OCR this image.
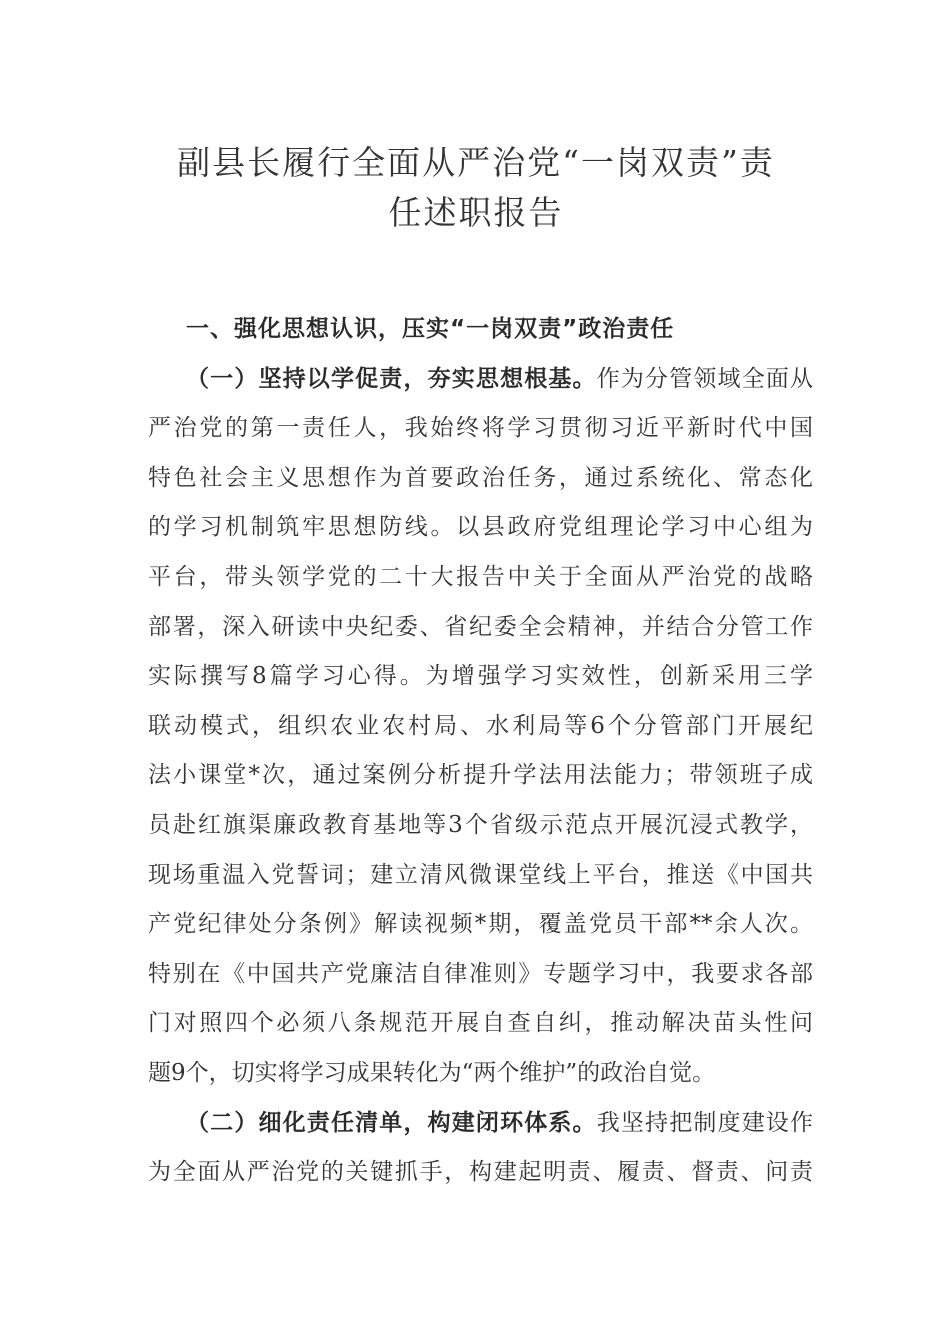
副县长履行全面从严治党“一岗双责”责
任述职报告
一、强化思想认识，压实“一岗双责”政治责任
（一）坚持以学促责，夯实思想根基。作为分管领域全面从
严治党的第一责任人，我始终将学习贯彻习近平新时代中国
特色社会主义思想作为首要政治任务，通过系统化、常态化
的学习机制筑牢思想防线。以县政府党组理论学习中心组为
平台，带头领学党的二十大报告中关于全面从严治党的战略
部署，深入研读中央纪委、省纪委全会精神，并结合分管工作
实际撰写8篇学习心得。为增强学习实效性，创新采用三学
联动模式，组织农业农村局、水利局等6个分管部门开展纪
法小课堂*次，通过案例分析提升学法用法能力；带领班子成
员赴红旗渠廉政教育基地等3个省级示范点开展沉浸式教学，
现场重温入党誓词；建立清风微课堂线上平台，推送《中国共
产党纪律处分条例》解读视频*期，覆盖党员干部**余人次。
特别在《中国共产党廉洁自律准则》专题学习中，我要求各部
门对照四个必须八条规范开展自查自纠，推动解决苗头性问
题9个，切实将学习成果转化为“两个维护”的政治自觉。
（二）细化责任清单，构建闭环体系。我坚持把制度建设作
为全面从严治党的关键抓手，构建起明责、履责、督责、问责
